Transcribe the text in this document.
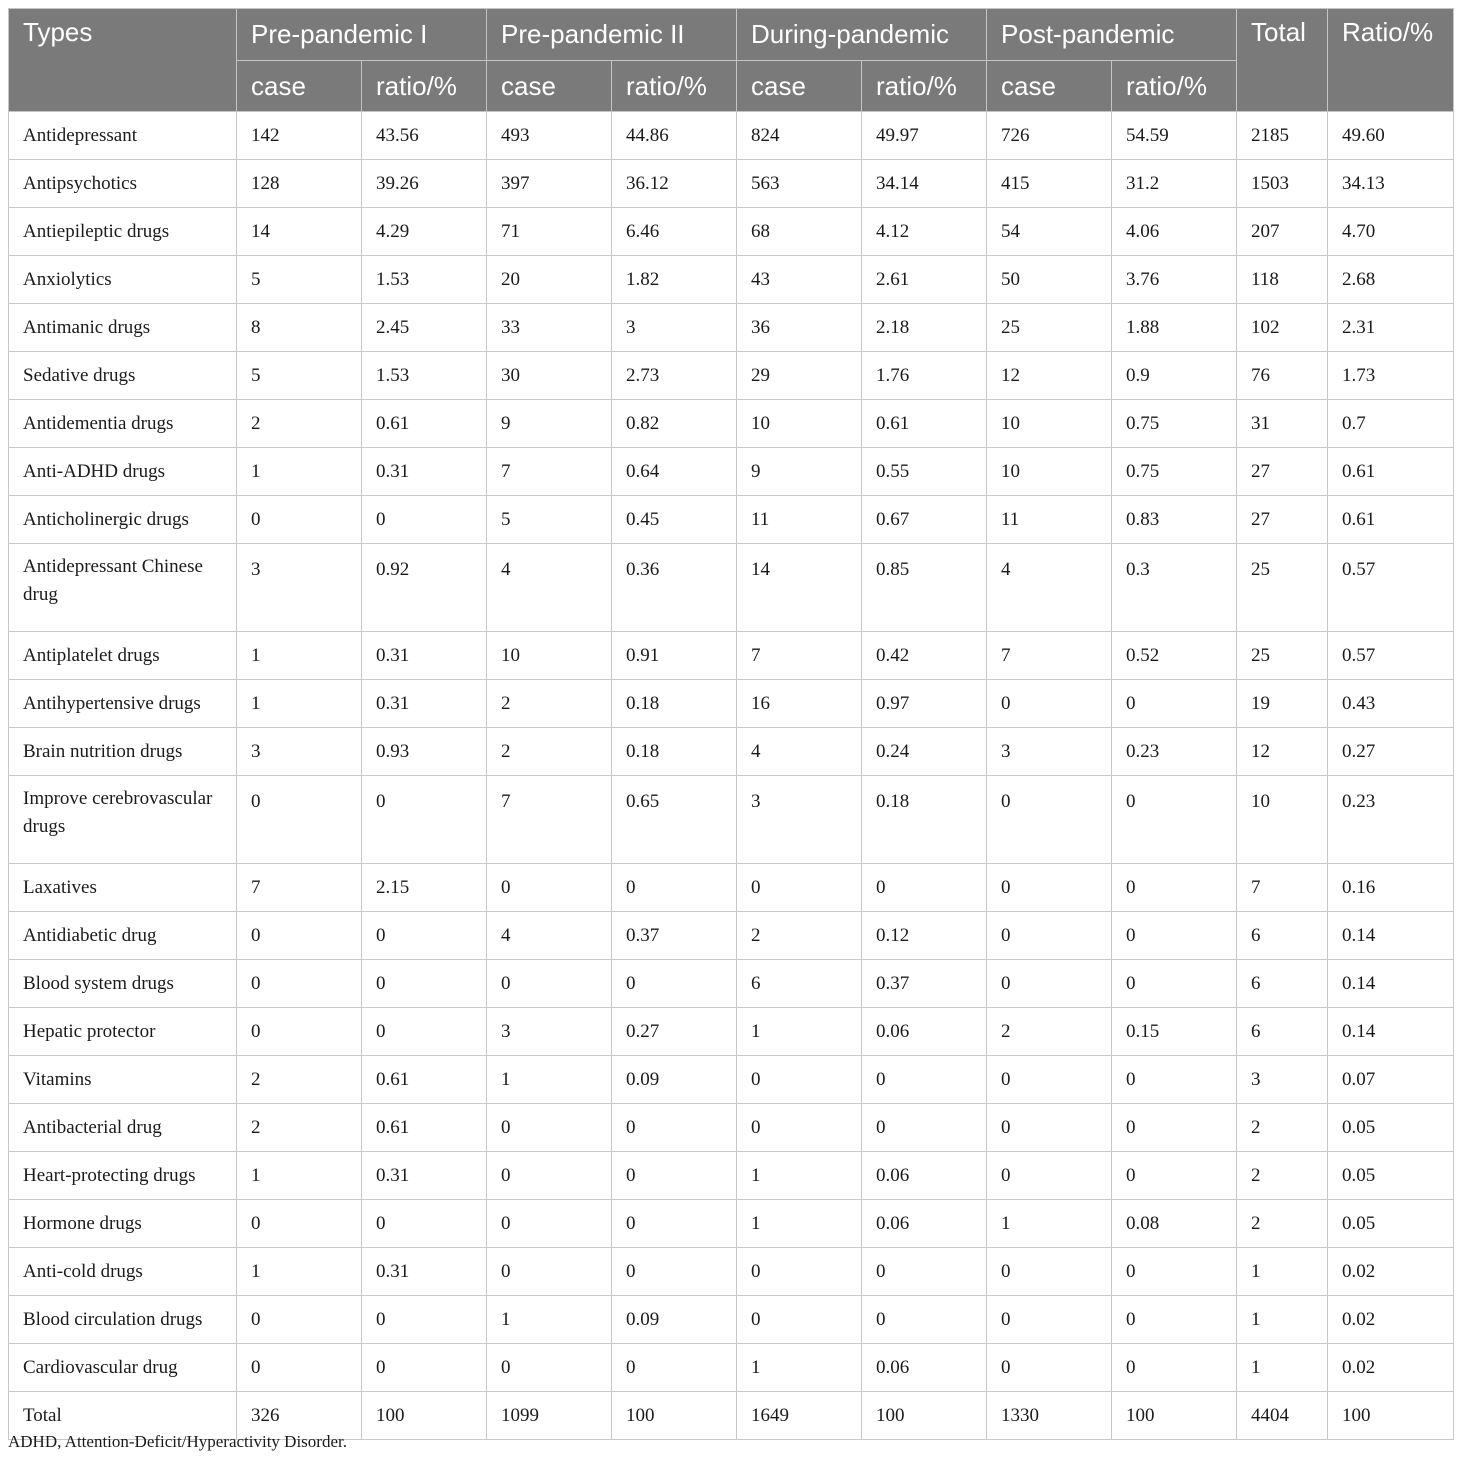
Types	Pre-pandemic I		Pre-pandemic II		During-pandemic		Post-pandemic		Total	Ratio/%
	case	ratio/%	case	ratio/%	case	ratio/%	case	ratio/%		
Antidepressant	142	43.56	493	44.86	824	49.97	726	54.59	2185	49.60
Antipsychotics	128	39.26	397	36.12	563	34.14	415	31.2	1503	34.13
Antiepileptic drugs	14	4.29	71	6.46	68	4.12	54	4.06	207	4.70
Anxiolytics	5	1.53	20	1.82	43	2.61	50	3.76	118	2.68
Antimanic drugs	8	2.45	33	3	36	2.18	25	1.88	102	2.31
Sedative drugs	5	1.53	30	2.73	29	1.76	12	0.9	76	1.73
Antidementia drugs	2	0.61	9	0.82	10	0.61	10	0.75	31	0.7
Anti-ADHD drugs	1	0.31	7	0.64	9	0.55	10	0.75	27	0.61
Anticholinergic drugs	0	0	5	0.45	11	0.67	11	0.83	27	0.61
Antidepressant Chinese drug	3	0.92	4	0.36	14	0.85	4	0.3	25	0.57
Antiplatelet drugs	1	0.31	10	0.91	7	0.42	7	0.52	25	0.57
Antihypertensive drugs	1	0.31	2	0.18	16	0.97	0	0	19	0.43
Brain nutrition drugs	3	0.93	2	0.18	4	0.24	3	0.23	12	0.27
Improve cerebrovascular drugs	0	0	7	0.65	3	0.18	0	0	10	0.23
Laxatives	7	2.15	0	0	0	0	0	0	7	0.16
Antidiabetic drug	0	0	4	0.37	2	0.12	0	0	6	0.14
Blood system drugs	0	0	0	0	6	0.37	0	0	6	0.14
Hepatic protector	0	0	3	0.27	1	0.06	2	0.15	6	0.14
Vitamins	2	0.61	1	0.09	0	0	0	0	3	0.07
Antibacterial drug	2	0.61	0	0	0	0	0	0	2	0.05
Heart-protecting drugs	1	0.31	0	0	1	0.06	0	0	2	0.05
Hormone drugs	0	0	0	0	1	0.06	1	0.08	2	0.05
Anti-cold drugs	1	0.31	0	0	0	0	0	0	1	0.02
Blood circulation drugs	0	0	1	0.09	0	0	0	0	1	0.02
Cardiovascular drug	0	0	0	0	1	0.06	0	0	1	0.02
Total	326	100	1099	100	1649	100	1330	100	4404	100
ADHD, Attention-Deficit/Hyperactivity Disorder.
